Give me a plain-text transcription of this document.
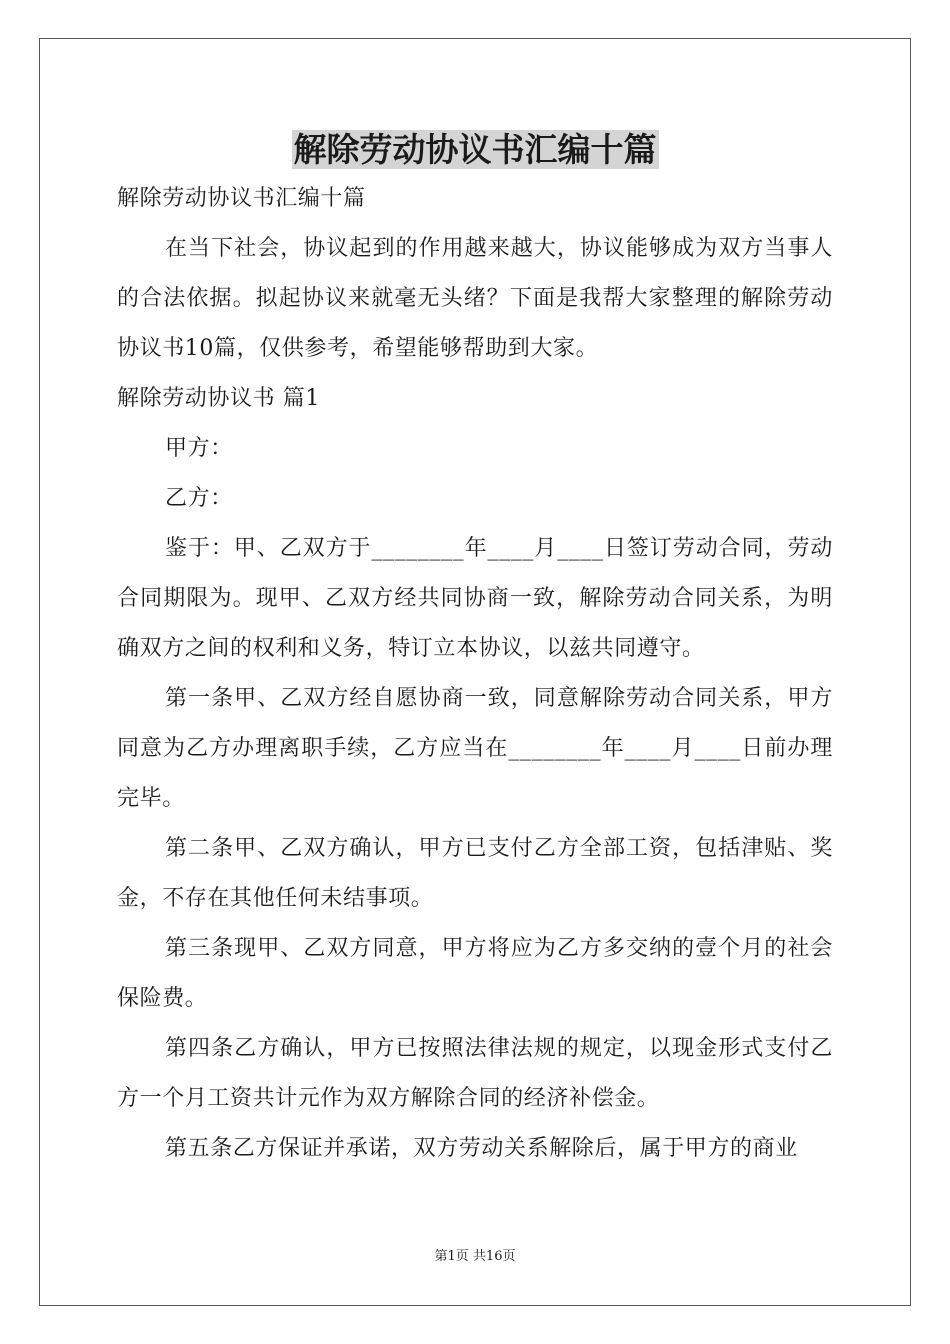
解除劳动协议书汇编十篇

解除劳动协议书汇编十篇

在当下社会，协议起到的作用越来越大，协议能够成为双方当事人的合法依据。拟起协议来就毫无头绪？下面是我帮大家整理的解除劳动协议书10篇，仅供参考，希望能够帮助到大家。

解除劳动协议书 篇1

甲方：

乙方：

鉴于：甲、乙双方于________年____月____日签订劳动合同，劳动合同期限为。现甲、乙双方经共同协商一致，解除劳动合同关系，为明确双方之间的权利和义务，特订立本协议，以兹共同遵守。

第一条甲、乙双方经自愿协商一致，同意解除劳动合同关系，甲方同意为乙方办理离职手续，乙方应当在________年____月____日前办理完毕。

第二条甲、乙双方确认，甲方已支付乙方全部工资，包括津贴、奖金，不存在其他任何未结事项。

第三条现甲、乙双方同意，甲方将应为乙方多交纳的壹个月的社会保险费。

第四条乙方确认，甲方已按照法律法规的规定，以现金形式支付乙方一个月工资共计元作为双方解除合同的经济补偿金。

第五条乙方保证并承诺，双方劳动关系解除后，属于甲方的商业

第1页 共16页
